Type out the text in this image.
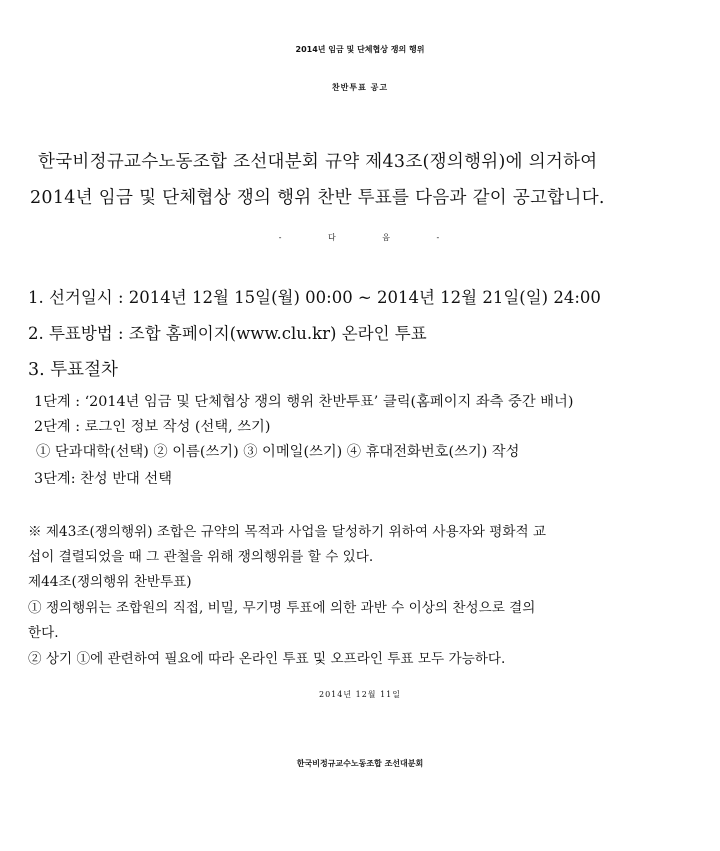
2014년 임금 및 단체협상 쟁의 행위

찬반투표 공고

한국비정규교수노동조합 조선대분회 규약 제43조(쟁의행위)에 의거하여

2014년 임금 및 단체협상 쟁의 행위 찬반 투표를 다음과 같이 공고합니다.

- 다 음 -

1. 선거일시 : 2014년 12월 15일(월) 00:00 ~ 2014년 12월 21일(일) 24:00

2. 투표방법 : 조합 홈페이지(www.clu.kr) 온라인 투표

3. 투표절차

1단계 : ‘2014년 임금 및 단체협상 쟁의 행위 찬반투표’ 클릭(홈페이지 좌측 중간 배너)

2단계 : 로그인 정보 작성 (선택, 쓰기)

① 단과대학(선택) ② 이름(쓰기) ③ 이메일(쓰기) ④ 휴대전화번호(쓰기) 작성

3단계: 찬성 반대 선택

※ 제43조(쟁의행위) 조합은 규약의 목적과 사업을 달성하기 위하여 사용자와 평화적 교

섭이 결렬되었을 때 그 관철을 위해 쟁의행위를 할 수 있다.

제44조(쟁의행위 찬반투표)

① 쟁의행위는 조합원의 직접, 비밀, 무기명 투표에 의한 과반 수 이상의 찬성으로 결의

한다.

② 상기 ①에 관련하여 필요에 따라 온라인 투표 및 오프라인 투표 모두 가능하다.

2014년 12월 11일

한국비정규교수노동조합 조선대분회
